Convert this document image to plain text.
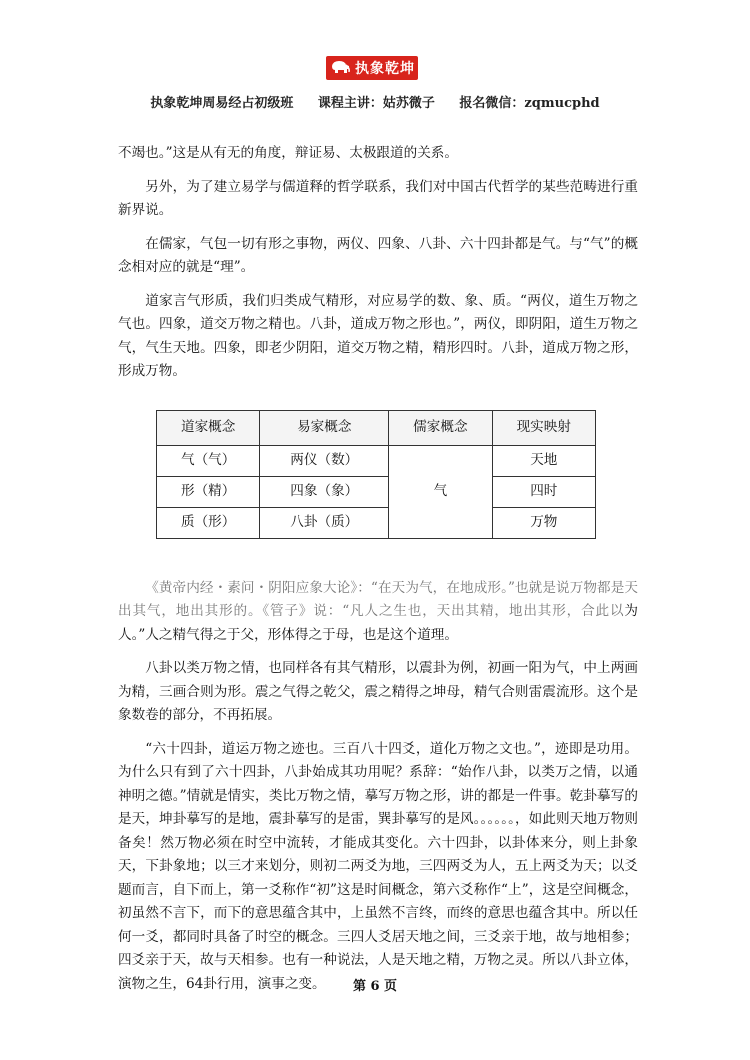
执象乾坤
执象乾坤周易经占初级班 课程主讲：姑苏微子 报名微信：zqmucphd

不竭也。”这是从有无的角度，辩证易、太极跟道的关系。

另外，为了建立易学与儒道释的哲学联系，我们对中国古代哲学的某些范畴进行重新界说。

在儒家，气包一切有形之事物，两仪、四象、八卦、六十四卦都是气。与“气”的概念相对应的就是“理”。

道家言气形质，我们归类成气精形，对应易学的数、象、质。“两仪，道生万物之气也。四象，道交万物之精也。八卦，道成万物之形也。”，两仪，即阴阳，道生万物之气，气生天地。四象，即老少阴阳，道交万物之精，精形四时。八卦，道成万物之形，形成万物。

道家概念	易家概念	儒家概念	现实映射
气（气）	两仪（数）	气	天地
形（精）	四象（象）		四时
质（形）	八卦（质）		万物

《黄帝内经・素问・阴阳应象大论》：“在天为气，在地成形。”也就是说万物都是天出其气，地出其形的。《管子》说：“凡人之生也，天出其精，地出其形，合此以为人。”人之精气得之于父，形体得之于母，也是这个道理。

八卦以类万物之情，也同样各有其气精形，以震卦为例，初画一阳为气，中上两画为精，三画合则为形。震之气得之乾父，震之精得之坤母，精气合则雷震流形。这个是象数卷的部分，不再拓展。

“六十四卦，道运万物之迹也。三百八十四爻，道化万物之文也。”，迹即是功用。为什么只有到了六十四卦，八卦始成其功用呢？系辞：“始作八卦，以类万之情，以通神明之德。”情就是情实，类比万物之情，摹写万物之形，讲的都是一件事。乾卦摹写的是天，坤卦摹写的是地，震卦摹写的是雷，巽卦摹写的是风。。。。。。，如此则天地万物则备矣！然万物必须在时空中流转，才能成其变化。六十四卦，以卦体来分，则上卦象天，下卦象地；以三才来划分，则初二两爻为地，三四两爻为人，五上两爻为天；以爻题而言，自下而上，第一爻称作“初”这是时间概念，第六爻称作“上”，这是空间概念，初虽然不言下，而下的意思蕴含其中，上虽然不言终，而终的意思也蕴含其中。所以任何一爻，都同时具备了时空的概念。三四人爻居天地之间，三爻亲于地，故与地相参；四爻亲于天，故与天相参。也有一种说法，人是天地之精，万物之灵。所以八卦立体，演物之生，64卦行用，演事之变。	第 6 页
